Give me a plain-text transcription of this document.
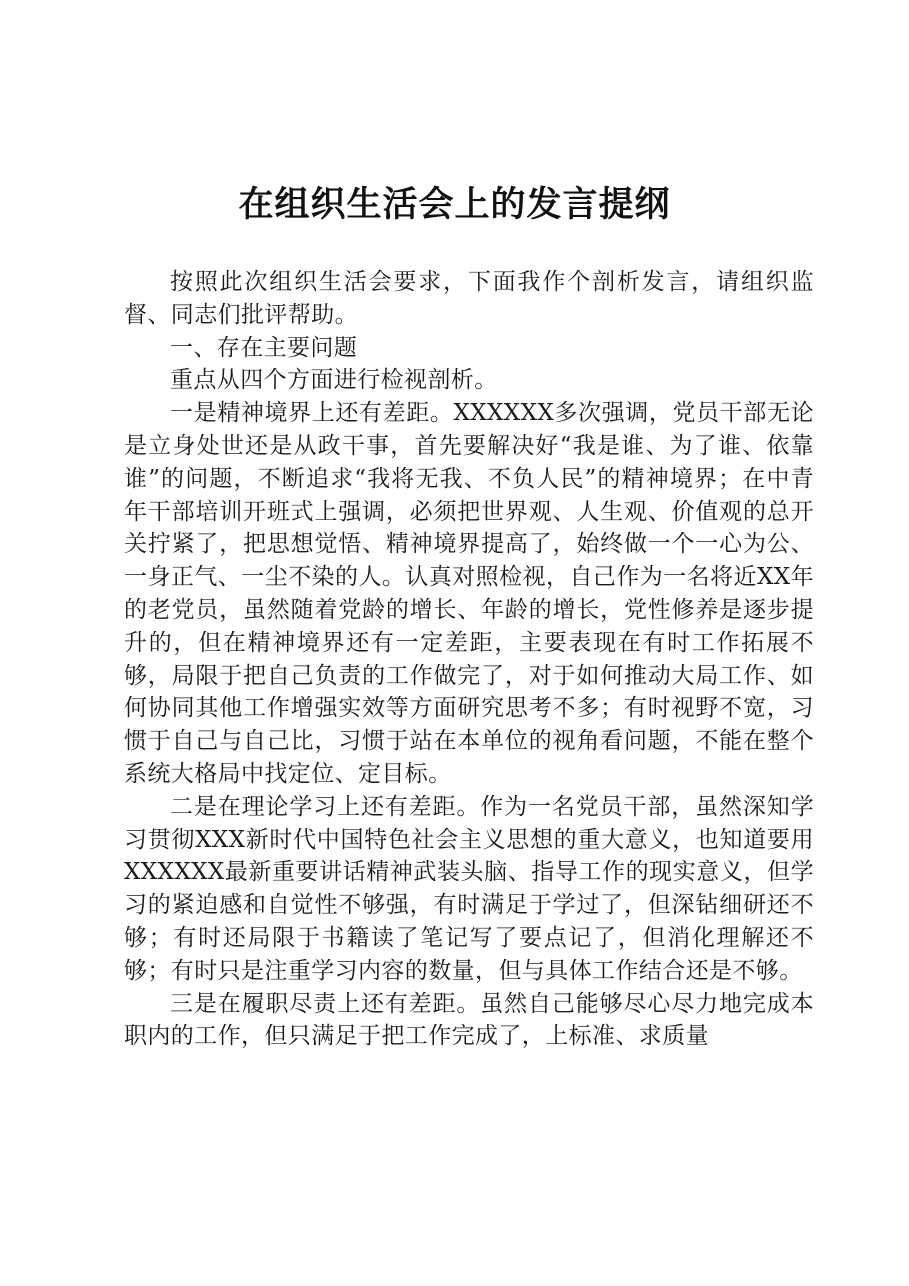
在组织生活会上的发言提纲

按照此次组织生活会要求，下面我作个剖析发言，请组织监督、同志们批评帮助。

一、存在主要问题

重点从四个方面进行检视剖析。

一是精神境界上还有差距。XXXXXX多次强调，党员干部无论是立身处世还是从政干事，首先要解决好“我是谁、为了谁、依靠谁”的问题，不断追求“我将无我、不负人民”的精神境界；在中青年干部培训开班式上强调，必须把世界观、人生观、价值观的总开关拧紧了，把思想觉悟、精神境界提高了，始终做一个一心为公、一身正气、一尘不染的人。认真对照检视，自己作为一名将近XX年的老党员，虽然随着党龄的增长、年龄的增长，党性修养是逐步提升的，但在精神境界还有一定差距，主要表现在有时工作拓展不够，局限于把自己负责的工作做完了，对于如何推动大局工作、如何协同其他工作增强实效等方面研究思考不多；有时视野不宽，习惯于自己与自己比，习惯于站在本单位的视角看问题，不能在整个系统大格局中找定位、定目标。

二是在理论学习上还有差距。作为一名党员干部，虽然深知学习贯彻XXX新时代中国特色社会主义思想的重大意义，也知道要用XXXXXX最新重要讲话精神武装头脑、指导工作的现实意义，但学习的紧迫感和自觉性不够强，有时满足于学过了，但深钻细研还不够；有时还局限于书籍读了笔记写了要点记了，但消化理解还不够；有时只是注重学习内容的数量，但与具体工作结合还是不够。

三是在履职尽责上还有差距。虽然自己能够尽心尽力地完成本职内的工作，但只满足于把工作完成了，上标准、求质量
